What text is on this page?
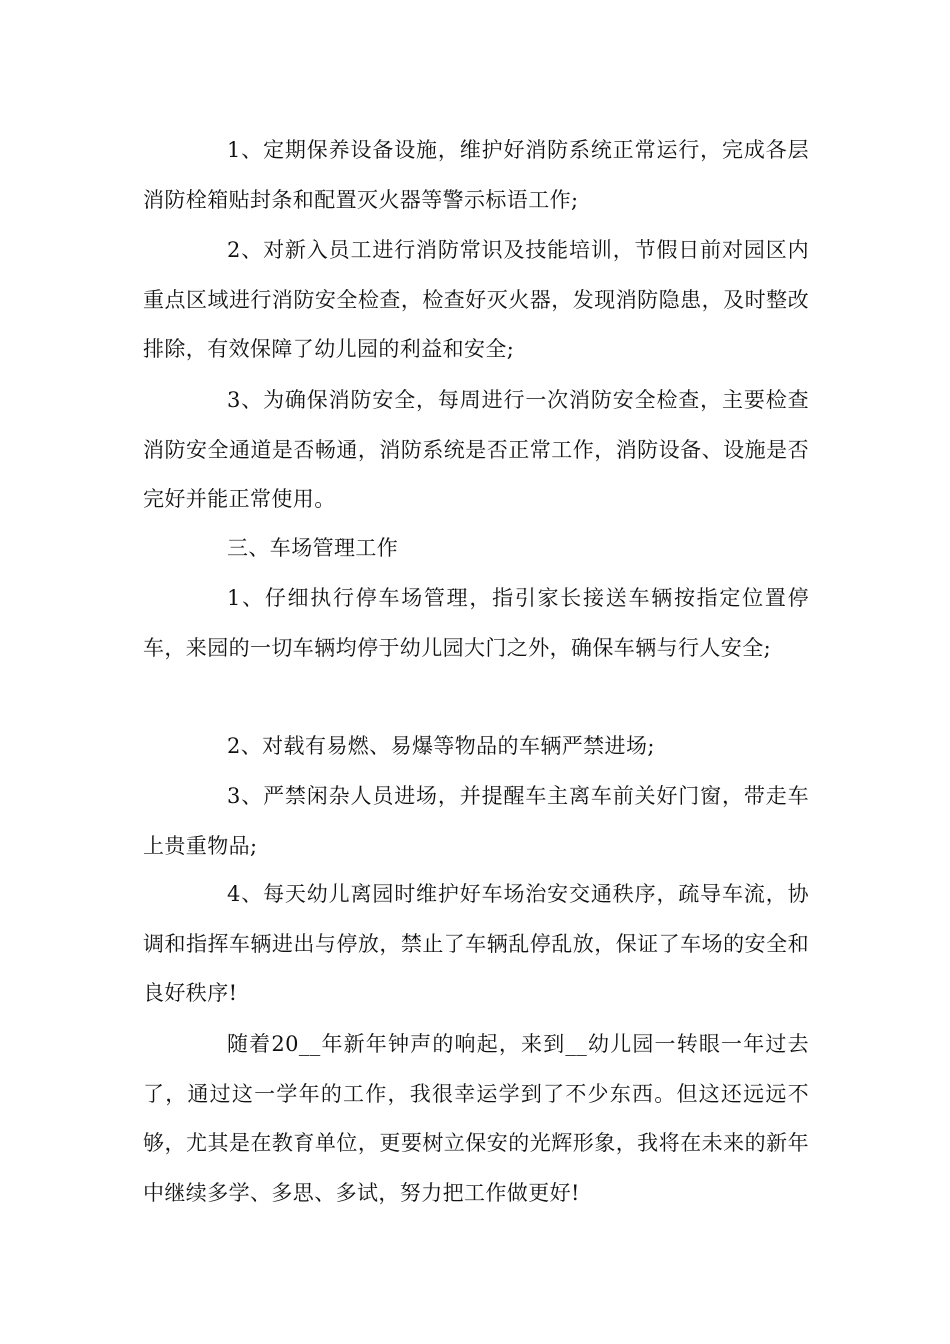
1、定期保养设备设施，维护好消防系统正常运行，完成各层消防栓箱贴封条和配置灭火器等警示标语工作;

2、对新入员工进行消防常识及技能培训，节假日前对园区内重点区域进行消防安全检查，检查好灭火器，发现消防隐患，及时整改排除，有效保障了幼儿园的利益和安全;

3、为确保消防安全，每周进行一次消防安全检查，主要检查消防安全通道是否畅通，消防系统是否正常工作，消防设备、设施是否完好并能正常使用。

三、车场管理工作

1、仔细执行停车场管理，指引家长接送车辆按指定位置停车，来园的一切车辆均停于幼儿园大门之外，确保车辆与行人安全;

2、对载有易燃、易爆等物品的车辆严禁进场;

3、严禁闲杂人员进场，并提醒车主离车前关好门窗，带走车上贵重物品;

4、每天幼儿离园时维护好车场治安交通秩序，疏导车流，协调和指挥车辆进出与停放，禁止了车辆乱停乱放，保证了车场的安全和良好秩序!

随着20__年新年钟声的响起，来到__幼儿园一转眼一年过去了，通过这一学年的工作，我很幸运学到了不少东西。但这还远远不够，尤其是在教育单位，更要树立保安的光辉形象，我将在未来的新年中继续多学、多思、多试，努力把工作做更好!
